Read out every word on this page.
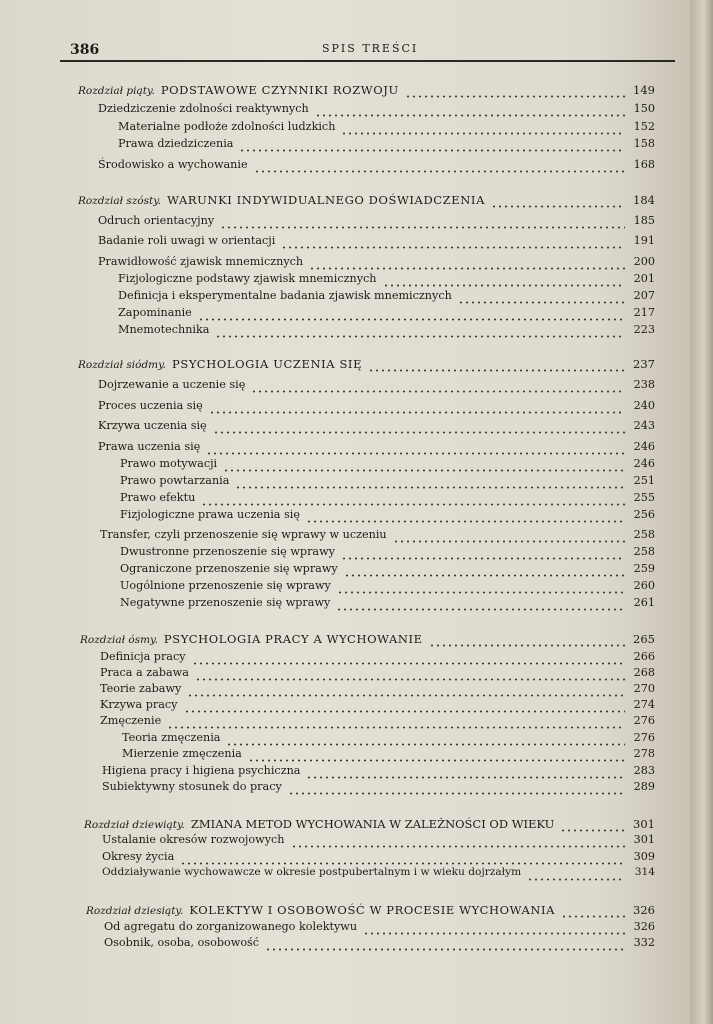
386	SPIS TREŚCI
Rozdział piąty. PODSTAWOWE CZYNNIKI ROZWOJU	149
Dziedziczenie zdolności reaktywnych	150
Materialne podłoże zdolności ludzkich	152
Prawa dziedziczenia	158
Środowisko a wychowanie	168
Rozdział szósty. WARUNKI INDYWIDUALNEGO DOŚWIADCZENIA	184
Odruch orientacyjny	185
Badanie roli uwagi w orientacji	191
Prawidłowość zjawisk mnemicznych	200
Fizjologiczne podstawy zjawisk mnemicznych	201
Definicja i eksperymentalne badania zjawisk mnemicznych	207
Zapominanie	217
Mnemotechnika	223
Rozdział siódmy. PSYCHOLOGIA UCZENIA SIĘ	237
Dojrzewanie a uczenie się	238
Proces uczenia się	240
Krzywa uczenia się	243
Prawa uczenia się	246
Prawo motywacji	246
Prawo powtarzania	251
Prawo efektu	255
Fizjologiczne prawa uczenia się	256
Transfer, czyli przenoszenie się wprawy w uczeniu	258
Dwustronne przenoszenie się wprawy	258
Ograniczone przenoszenie się wprawy	259
Uogólnione przenoszenie się wprawy	260
Negatywne przenoszenie się wprawy	261
Rozdział ósmy. PSYCHOLOGIA PRACY A WYCHOWANIE	265
Definicja pracy	266
Praca a zabawa	268
Teorie zabawy	270
Krzywa pracy	274
Zmęczenie	276
Teoria zmęczenia	276
Mierzenie zmęczenia	278
Higiena pracy i higiena psychiczna	283
Subiektywny stosunek do pracy	289
Rozdział dziewiąty. ZMIANA METOD WYCHOWANIA W ZALEŻNOŚCI OD WIEKU	301
Ustalanie okresów rozwojowych	301
Okresy życia	309
Oddziaływanie wychowawcze w okresie postpubertalnym i w wieku dojrzałym	314
Rozdział dziesiąty. KOLEKTYW I OSOBOWOŚĆ W PROCESIE WYCHOWANIA	326
Od agregatu do zorganizowanego kolektywu	326
Osobnik, osoba, osobowość	332
